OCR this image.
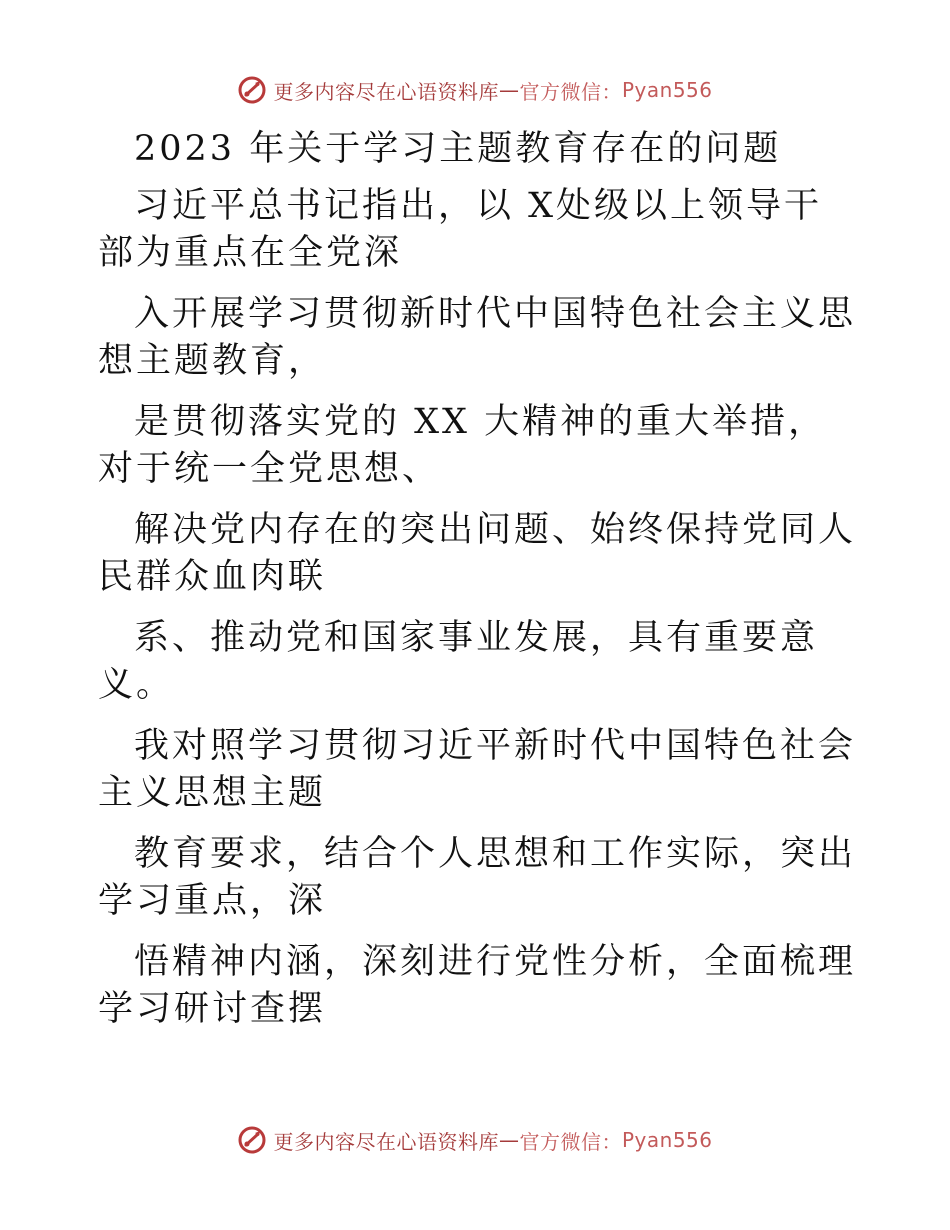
更多内容尽在心语资料库 — 官方微信： Pyan556
2023 年关于学习主题教育存在的问题

习近平总书记指出，以 X处级以上领导干部为重点在全党深

入开展学习贯彻新时代中国特色社会主义思想主题教育，

是贯彻落实党的 XX 大精神的重大举措，对于统一全党思想、

解决党内存在的突出问题、始终保持党同人民群众血肉联

系、推动党和国家事业发展，具有重要意义。

我对照学习贯彻习近平新时代中国特色社会主义思想主题

教育要求，结合个人思想和工作实际，突出学习重点，深

悟精神内涵，深刻进行党性分析，全面梳理学习研讨查摆

更多内容尽在心语资料库 — 官方微信： Pyan556
